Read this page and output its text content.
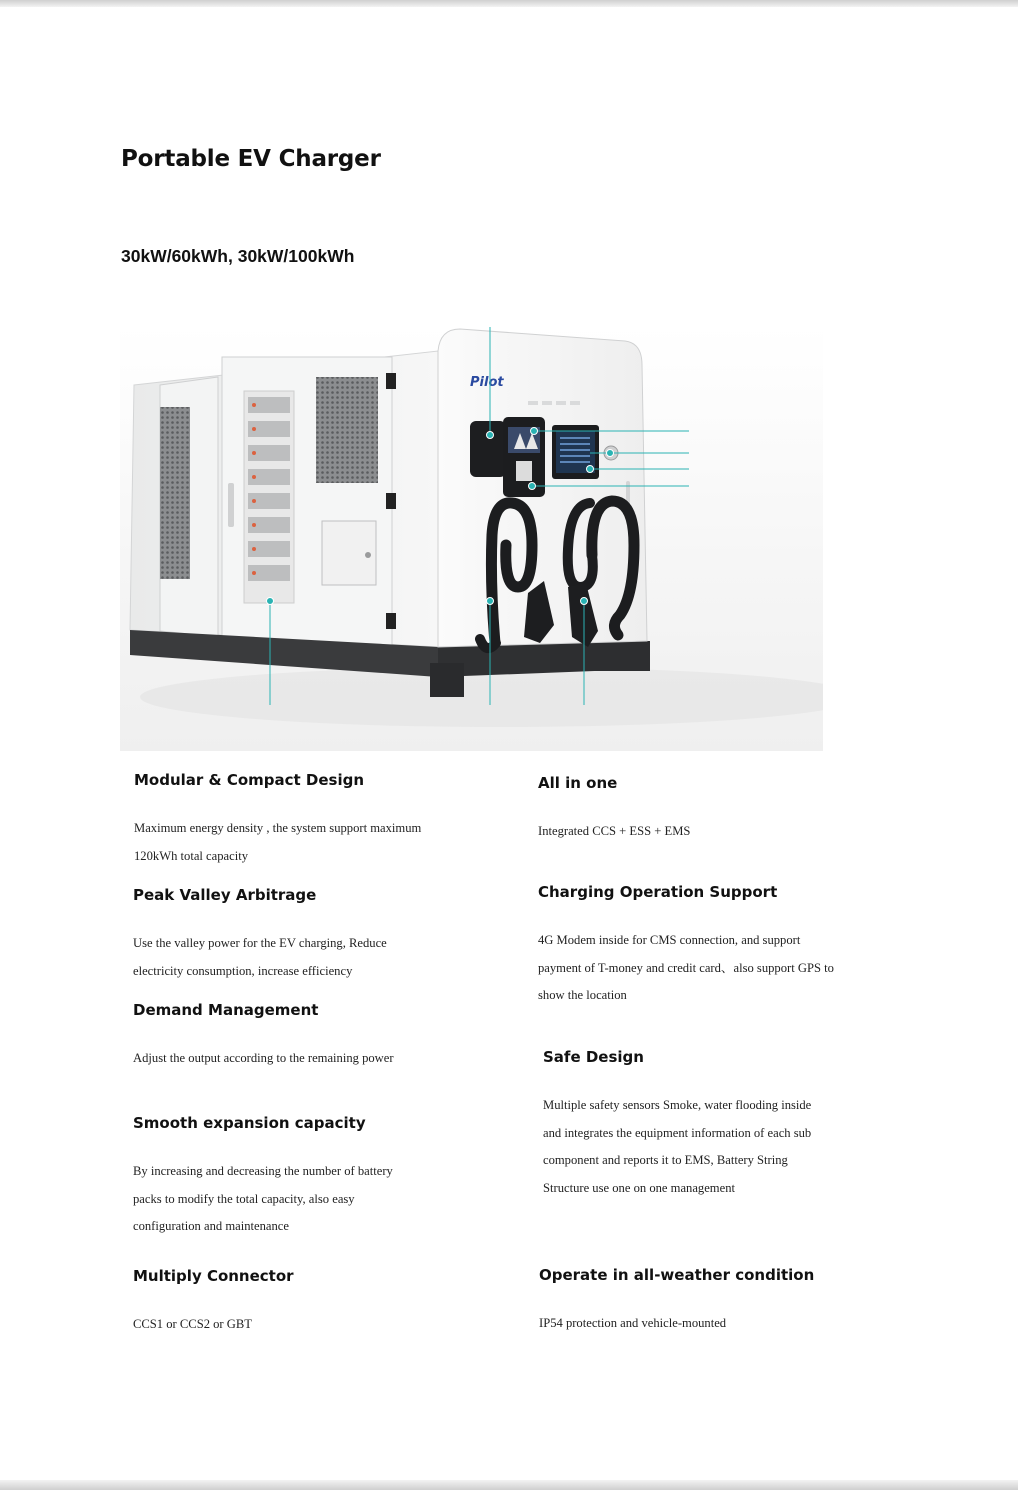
Portable EV Charger
30kW/60kWh, 30kW/100kWh
Pilot
Modular & Compact Design

Maximum energy density , the system support maximum 120kWh total capacity

All in one

Integrated CCS + ESS + EMS

Peak Valley Arbitrage

Use the valley power for the EV charging, Reduce electricity consumption, increase efficiency

Charging Operation Support

4G Modem inside for CMS connection, and support payment of T-money and credit card、also support GPS to show the location

Demand Management

Adjust the output according to the remaining power	Safe Design

Multiple safety sensors Smoke, water flooding inside and integrates the equipment information of each sub component and reports it to EMS, Battery String Structure use one on one management

Smooth expansion capacity

By increasing and decreasing the number of battery packs to modify the total capacity, also easy configuration and maintenance

Multiply Connector

CCS1 or CCS2 or GBT

Operate in all-weather condition

IP54 protection and vehicle-mounted
